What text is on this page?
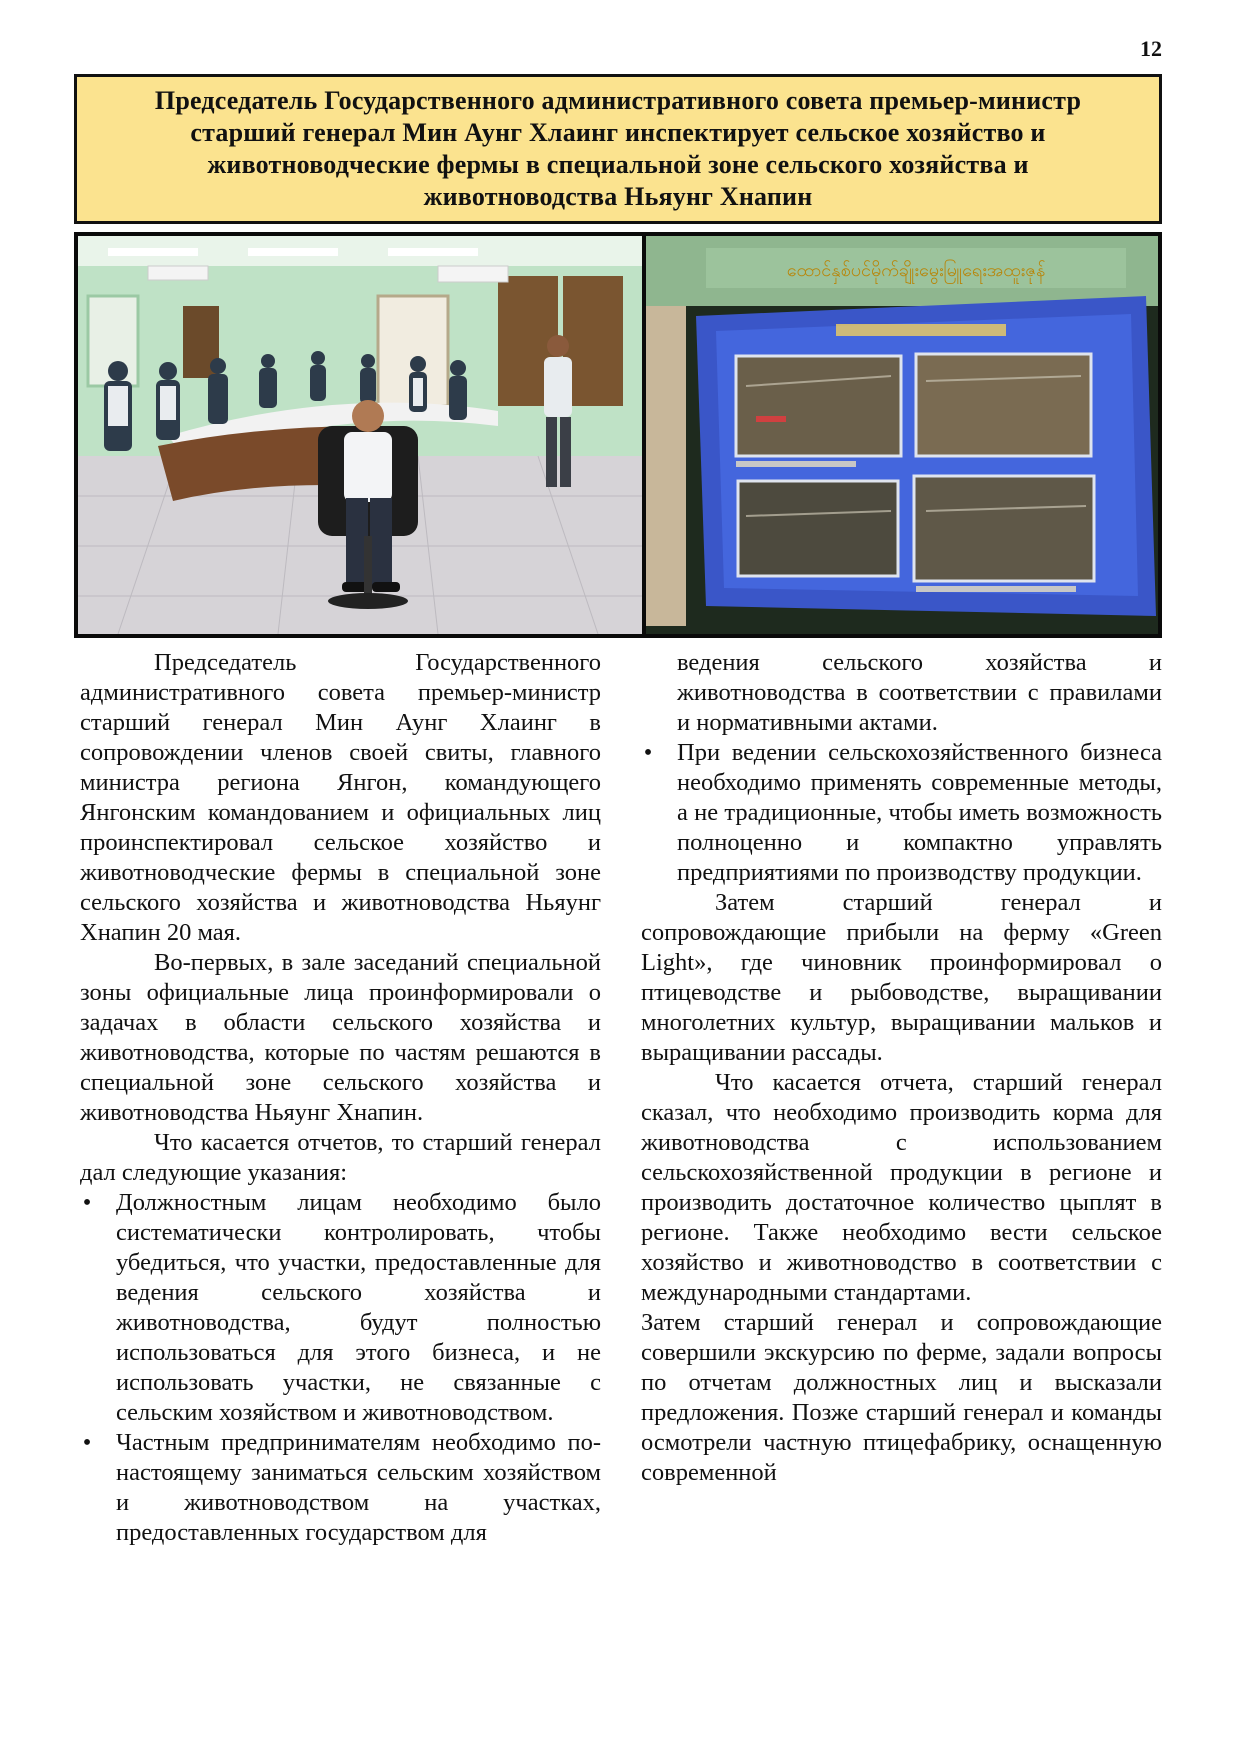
12
Председатель Государственного административного совета премьер-министр старший генерал Мин Аунг Хлаинг инспектирует сельское хозяйство и животноводческие фермы в специальной зоне сельского хозяйства и животноводства Ньяунг Хнапин
ထောင်နှစ်ပင်မိုက်ချိုးမွေးမြူရေးအထူးဇုန်

Председатель Государственного административного совета премьер-министр старший генерал Мин Аунг Хлаинг в сопровождении членов своей свиты, главного министра региона Янгон, командующего Янгонским командованием и официальных лиц проинспектировал сельское хозяйство и животноводческие фермы в специальной зоне сельского хозяйства и животноводства Ньяунг Хнапин 20 мая.

Во-первых, в зале заседаний специальной зоны официальные лица проинформировали о задачах в области сельского хозяйства и животноводства, которые по частям решаются в специальной зоне сельского хозяйства и животноводства Ньяунг Хнапин.

Что касается отчетов, то старший генерал дал следующие указания:

• Должностным лицам необходимо было систематически контролировать, чтобы убедиться, что участки, предоставленные для ведения сельского хозяйства и животноводства, будут полностью использоваться для этого бизнеса, и не использовать участки, не связанные с сельским хозяйством и животноводством.
• Частным предпринимателям необходимо по-настоящему заниматься сельским хозяйством и животноводством на участках, предоставленных государством для

ведения сельского хозяйства и животноводства в соответствии с правилами и нормативными актами.

• При ведении сельскохозяйственного бизнеса необходимо применять современные методы, а не традиционные, чтобы иметь возможность полноценно и компактно управлять предприятиями по производству продукции.

Затем старший генерал и сопровождающие прибыли на ферму «Green Light», где чиновник проинформировал о птицеводстве и рыбоводстве, выращивании многолетних культур, выращивании мальков и выращивании рассады.

Что касается отчета, старший генерал сказал, что необходимо производить корма для животноводства с использованием сельскохозяйственной продукции в регионе и производить достаточное количество цыплят в регионе. Также необходимо вести сельское хозяйство и животноводство в соответствии с международными стандартами.

Затем старший генерал и сопровождающие совершили экскурсию по ферме, задали вопросы по отчетам должностных лиц и высказали предложения. Позже старший генерал и команды осмотрели частную птицефабрику, оснащенную современной
